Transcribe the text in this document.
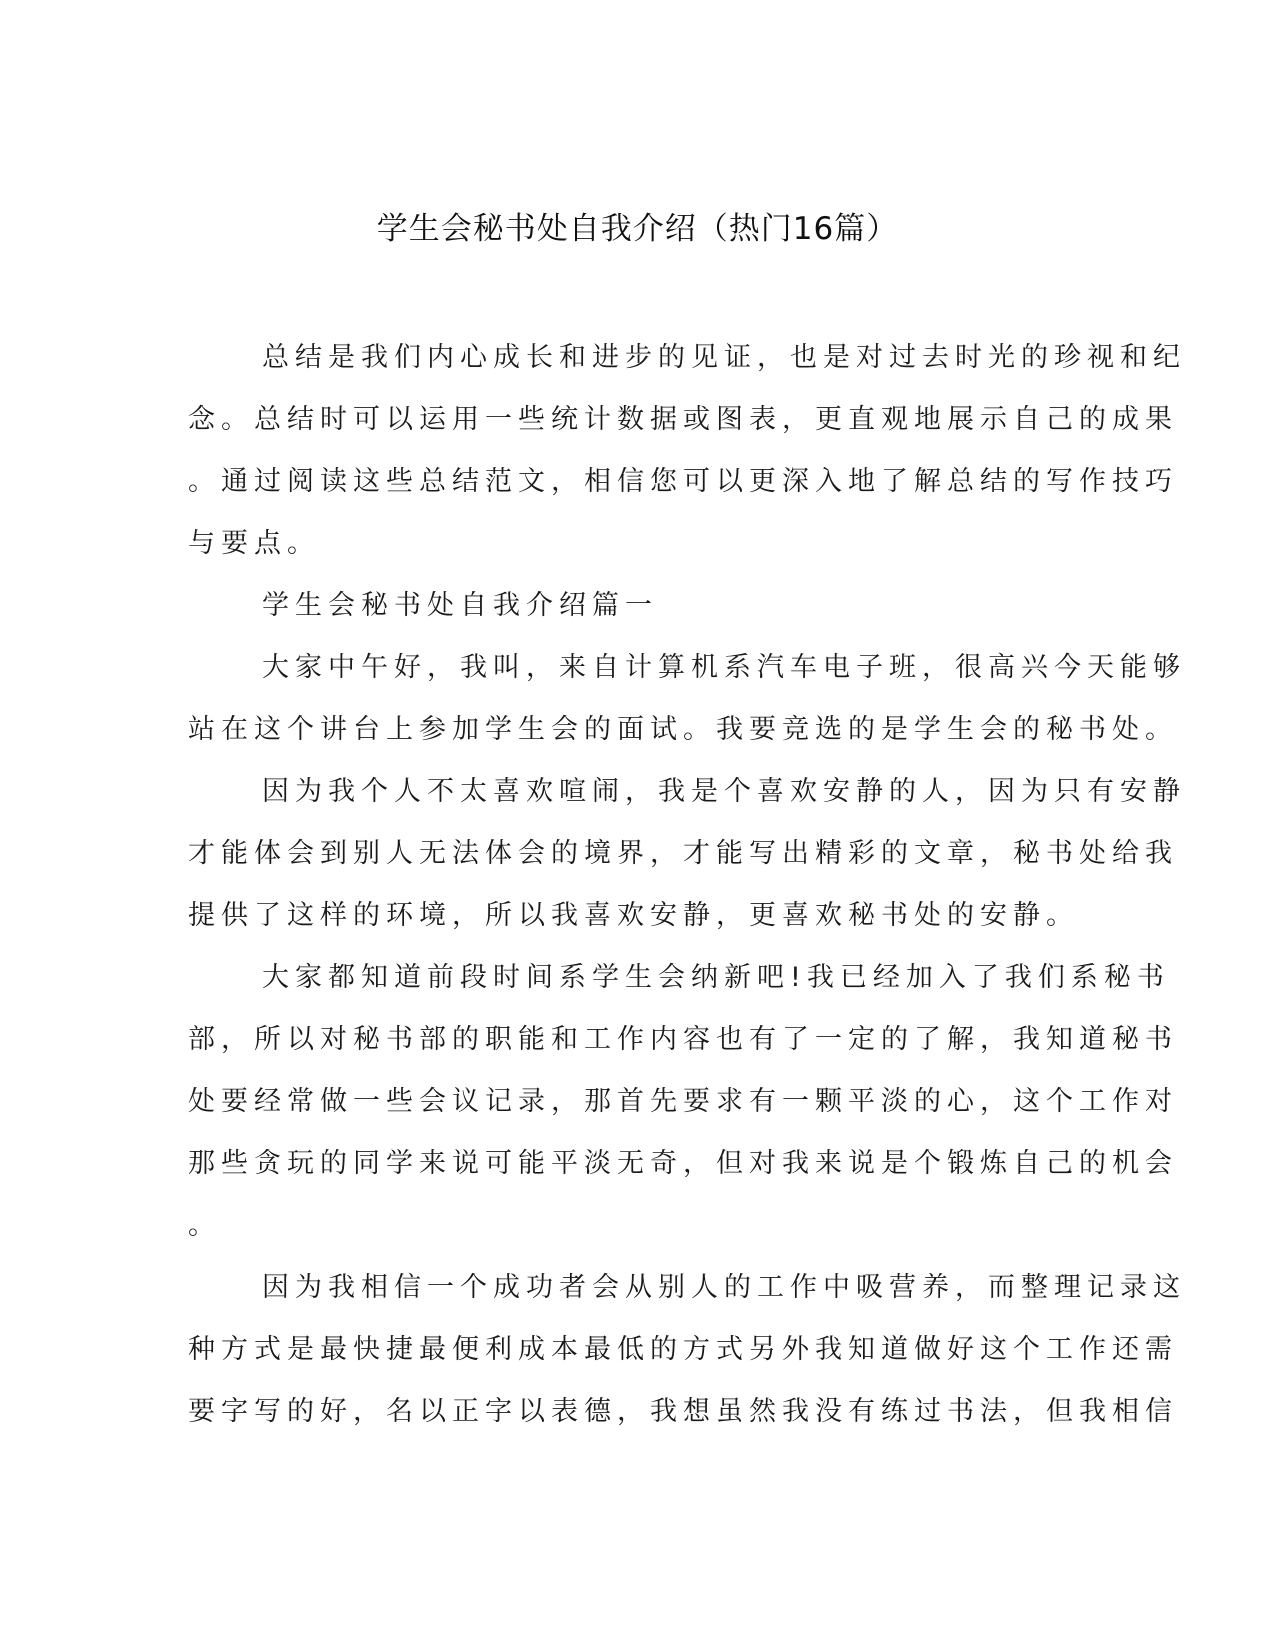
学生会秘书处自我介绍（热门16篇）
总结是我们内心成长和进步的见证，也是对过去时光的珍视和纪
念。总结时可以运用一些统计数据或图表，更直观地展示自己的成果
。通过阅读这些总结范文，相信您可以更深入地了解总结的写作技巧
与要点。
学生会秘书处自我介绍篇一
大家中午好，我叫，来自计算机系汽车电子班，很高兴今天能够
站在这个讲台上参加学生会的面试。我要竞选的是学生会的秘书处。
因为我个人不太喜欢喧闹，我是个喜欢安静的人，因为只有安静
才能体会到别人无法体会的境界，才能写出精彩的文章，秘书处给我
提供了这样的环境，所以我喜欢安静，更喜欢秘书处的安静。
大家都知道前段时间系学生会纳新吧!我已经加入了我们系秘书
部，所以对秘书部的职能和工作内容也有了一定的了解，我知道秘书
处要经常做一些会议记录，那首先要求有一颗平淡的心，这个工作对
那些贪玩的同学来说可能平淡无奇，但对我来说是个锻炼自己的机会
。
因为我相信一个成功者会从别人的工作中吸营养，而整理记录这
种方式是最快捷最便利成本最低的方式另外我知道做好这个工作还需
要字写的好，名以正字以表德，我想虽然我没有练过书法，但我相信
